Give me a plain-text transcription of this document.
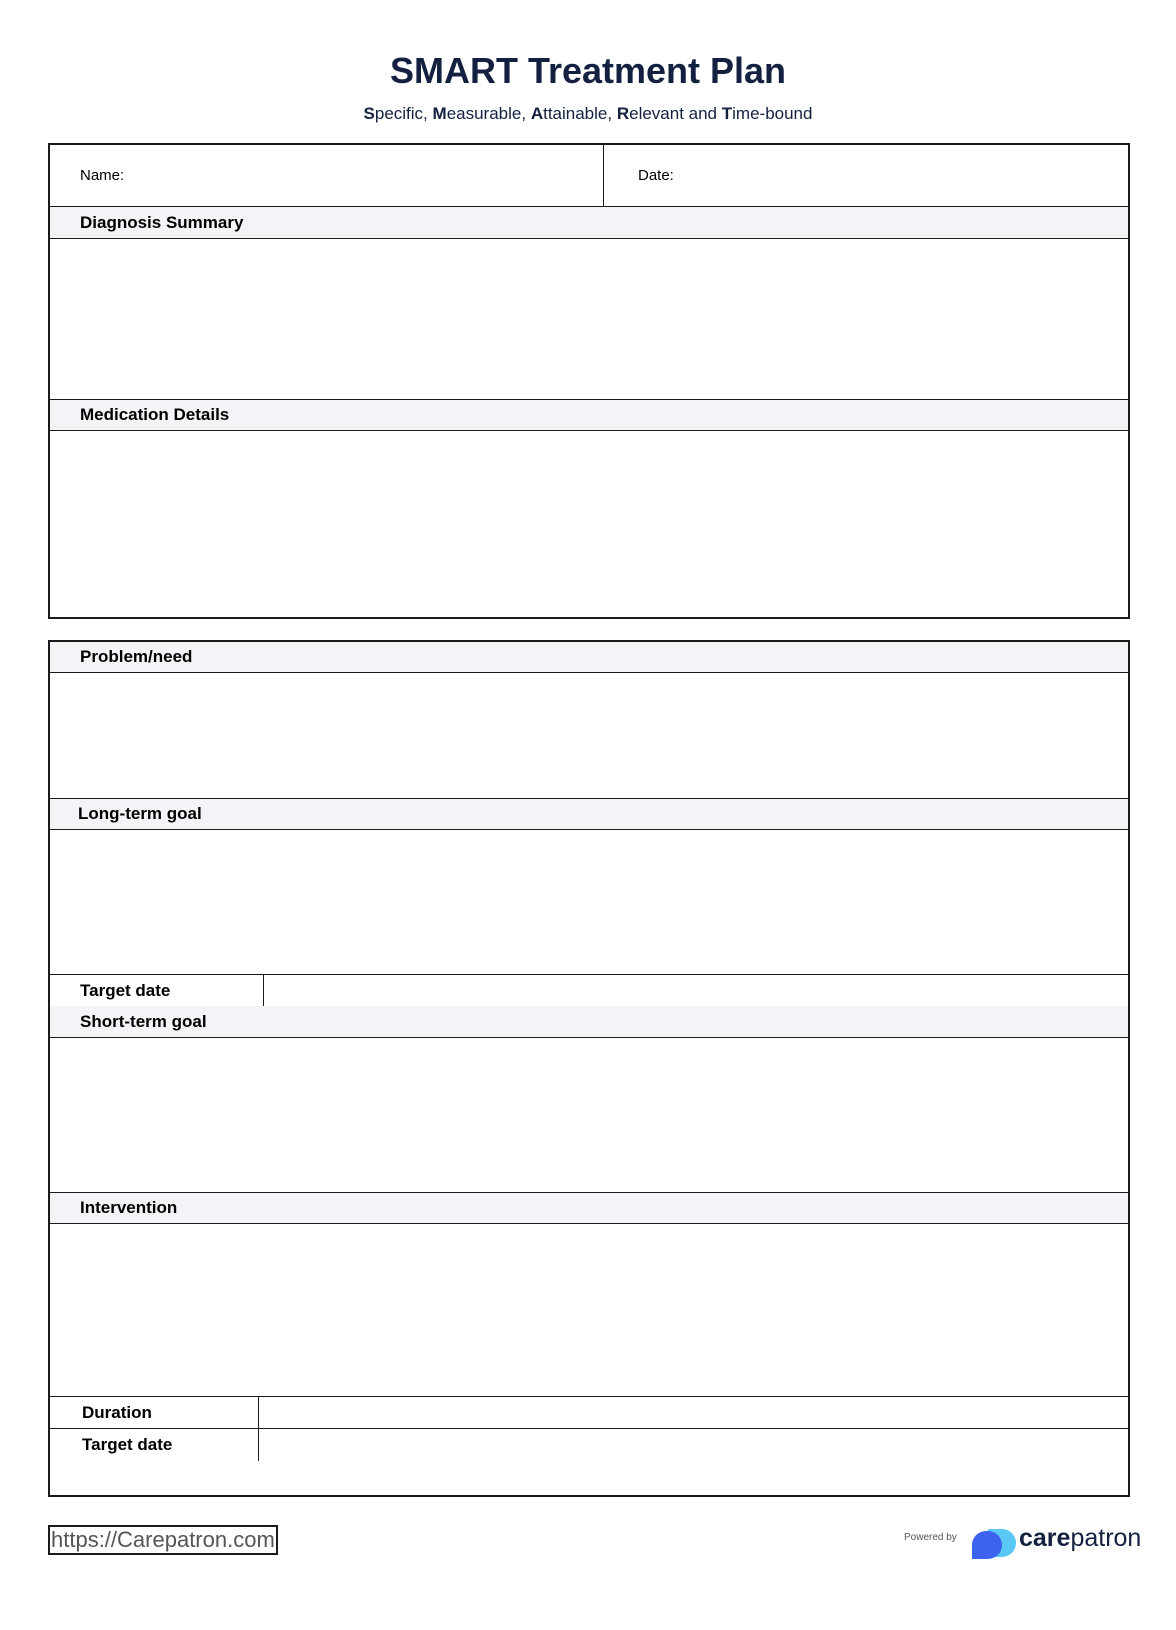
SMART Treatment Plan
Specific, Measurable, Attainable, Relevant and Time-bound
Name:	Date:
Diagnosis Summary
Medication Details
Problem/need
Long-term goal
Target date
Short-term goal
Intervention
Duration
Target date
https://Carepatron.com	Powered by carepatron
